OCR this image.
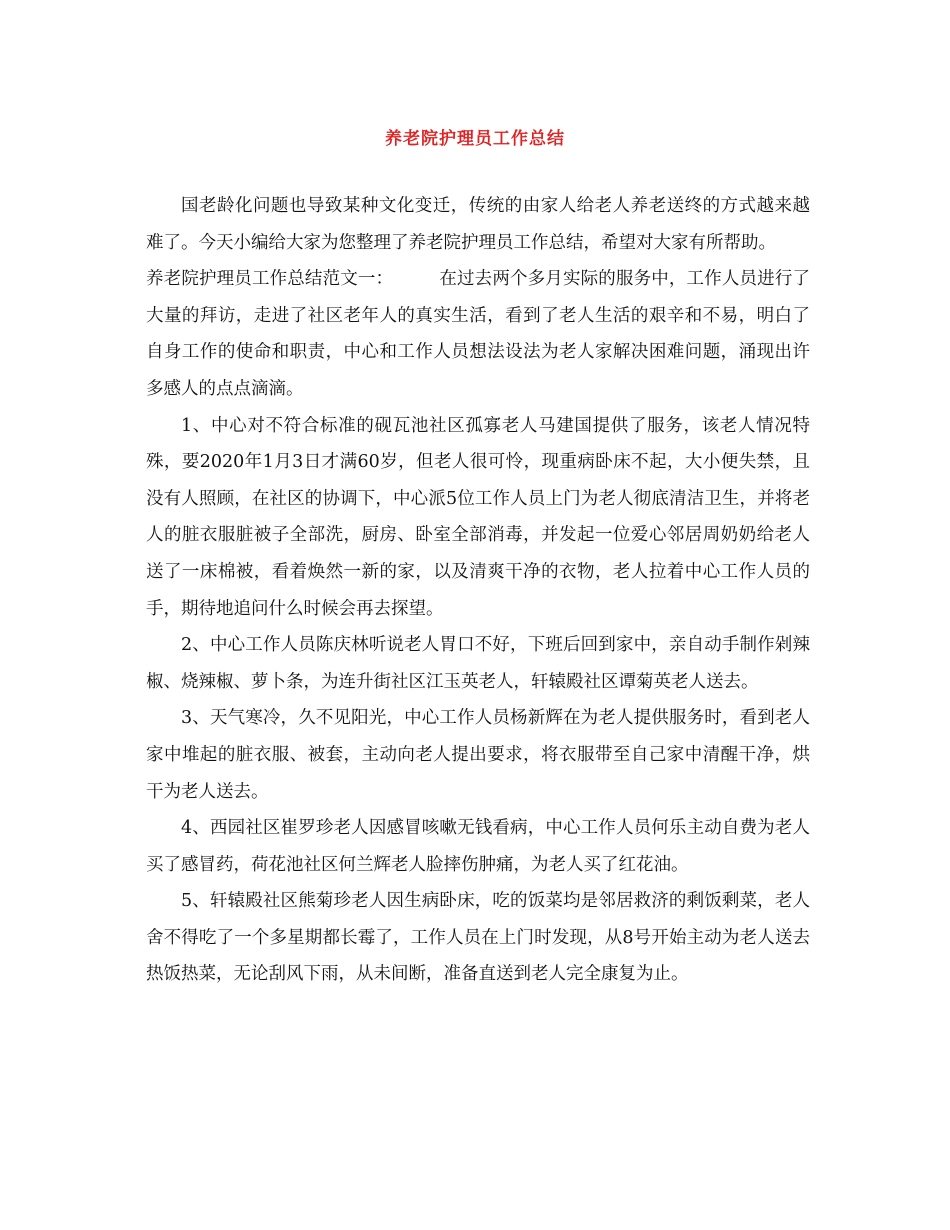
养老院护理员工作总结

国老龄化问题也导致某种文化变迁，传统的由家人给老人养老送终的方式越来越难了。今天小编给大家为您整理了养老院护理员工作总结，希望对大家有所帮助。

养老院护理员工作总结范文一：	在过去两个多月实际的服务中，工作人员进行了大量的拜访，走进了社区老年人的真实生活，看到了老人生活的艰辛和不易，明白了自身工作的使命和职责，中心和工作人员想法设法为老人家解决困难问题，涌现出许多感人的点点滴滴。

1、中心对不符合标准的砚瓦池社区孤寡老人马建国提供了服务，该老人情况特殊，要2020年1月3日才满60岁，但老人很可怜，现重病卧床不起，大小便失禁，且没有人照顾，在社区的协调下，中心派5位工作人员上门为老人彻底清洁卫生，并将老人的脏衣服脏被子全部洗，厨房、卧室全部消毒，并发起一位爱心邻居周奶奶给老人送了一床棉被，看着焕然一新的家，以及清爽干净的衣物，老人拉着中心工作人员的手，期待地追问什么时候会再去探望。

2、中心工作人员陈庆林听说老人胃口不好，下班后回到家中，亲自动手制作剁辣椒、烧辣椒、萝卜条，为连升街社区江玉英老人，轩辕殿社区谭菊英老人送去。

3、天气寒冷，久不见阳光，中心工作人员杨新辉在为老人提供服务时，看到老人家中堆起的脏衣服、被套，主动向老人提出要求，将衣服带至自己家中清醒干净，烘干为老人送去。

4、西园社区崔罗珍老人因感冒咳嗽无钱看病，中心工作人员何乐主动自费为老人买了感冒药，荷花池社区何兰辉老人脸摔伤肿痛，为老人买了红花油。

5、轩辕殿社区熊菊珍老人因生病卧床，吃的饭菜均是邻居救济的剩饭剩菜，老人舍不得吃了一个多星期都长霉了，工作人员在上门时发现，从8号开始主动为老人送去热饭热菜，无论刮风下雨，从未间断，准备直送到老人完全康复为止。
